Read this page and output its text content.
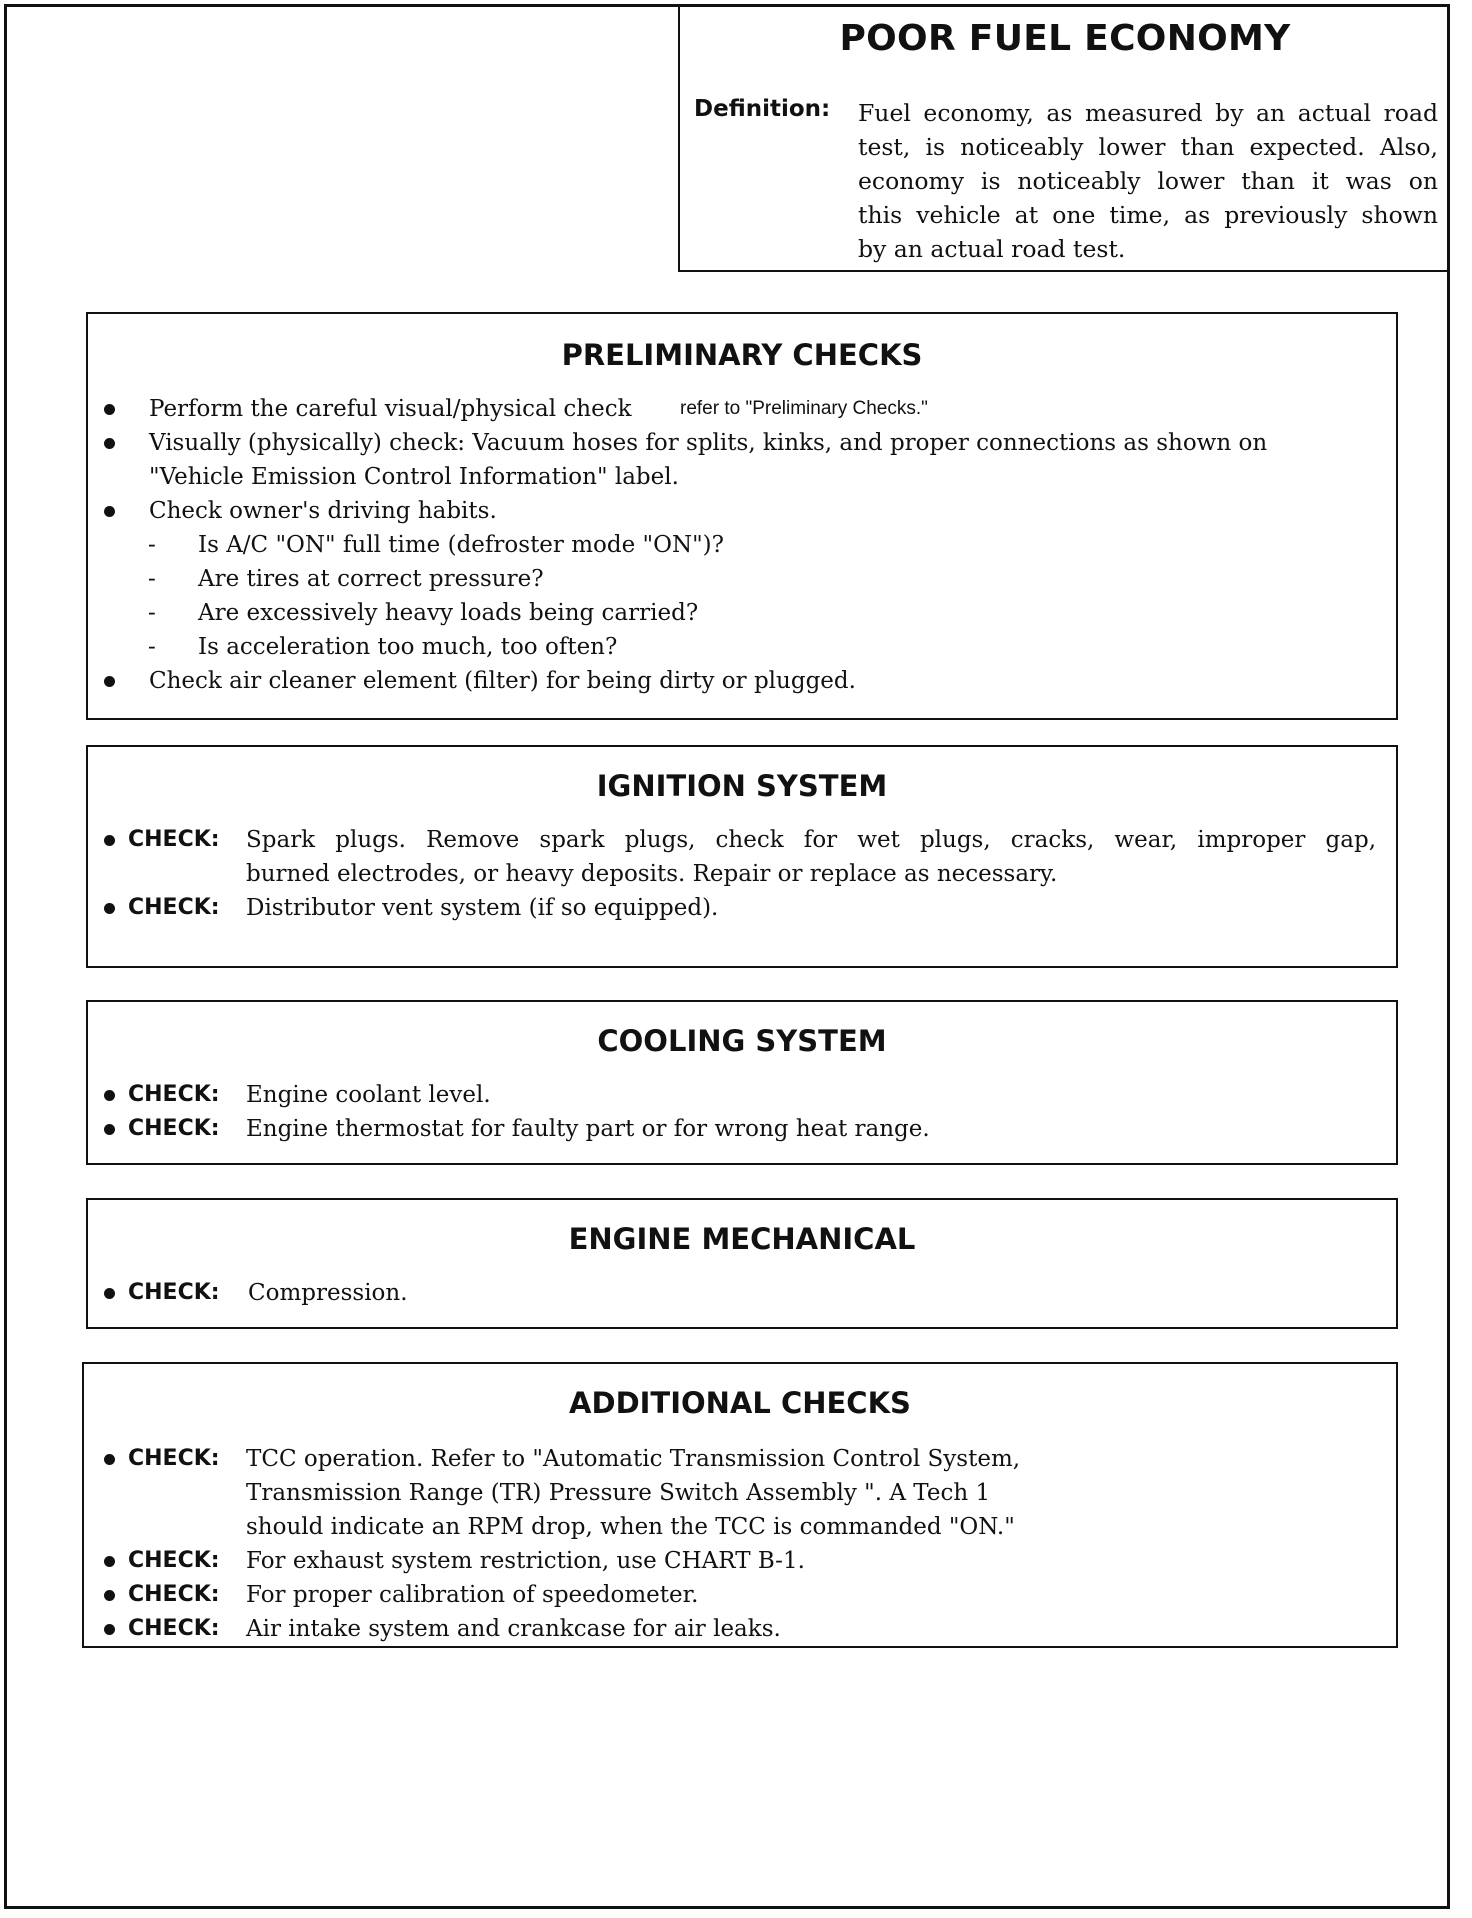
POOR FUEL ECONOMY
Definition: Fuel economy, as measured by an actual road
test, is noticeably lower than expected. Also,
economy is noticeably lower than it was on
this vehicle at one time, as previously shown
by an actual road test.
PRELIMINARY CHECKS
Perform the careful visual/physical check	refer to "Preliminary Checks."
Visually (physically) check: Vacuum hoses for splits, kinks, and proper connections as shown on
"Vehicle Emission Control Information" label.
Check owner's driving habits.
- Is A/C "ON" full time (defroster mode "ON")?
- Are tires at correct pressure?
- Are excessively heavy loads being carried?
- Is acceleration too much, too often?
Check air cleaner element (filter) for being dirty or plugged.
IGNITION SYSTEM
CHECK: Spark plugs. Remove spark plugs, check for wet plugs, cracks, wear, improper gap,
burned electrodes, or heavy deposits. Repair or replace as necessary.
CHECK: Distributor vent system (if so equipped).
COOLING SYSTEM
CHECK: Engine coolant level.
CHECK: Engine thermostat for faulty part or for wrong heat range.
ENGINE MECHANICAL
CHECK: Compression.
ADDITIONAL CHECKS
CHECK: TCC operation. Refer to "Automatic Transmission Control System,
Transmission Range (TR) Pressure Switch Assembly ". A Tech 1
should indicate an RPM drop, when the TCC is commanded "ON."
CHECK: For exhaust system restriction, use CHART B-1.
CHECK: For proper calibration of speedometer.
CHECK: Air intake system and crankcase for air leaks.
